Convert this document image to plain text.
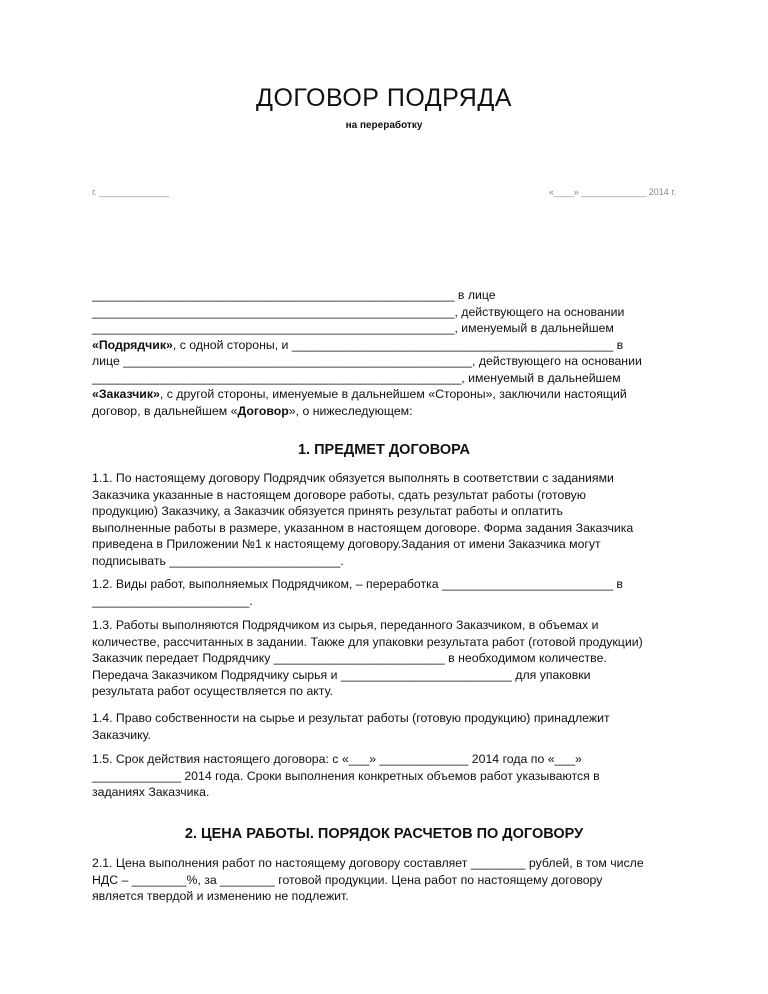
ДОГОВОР ПОДРЯДА
на переработку
г. ______________	«____» _____________ 2014 г.

_____________________________________________________ в лице

_____________________________________________________, действующего на основании

_____________________________________________________, именуемый в дальнейшем

«Подрядчик», с одной стороны, и _______________________________________________ в

лице ___________________________________________________, действующего на основании

______________________________________________________, именуемый в дальнейшем

«Заказчик», с другой стороны, именуемые в дальнейшем «Стороны», заключили настоящий

договор, в дальнейшем «Договор», о нижеследующем:

1. ПРЕДМЕТ ДОГОВОРА

1.1. По настоящему договору Подрядчик обязуется выполнять в соответствии с заданиями

Заказчика указанные в настоящем договоре работы, сдать результат работы (готовую

продукцию) Заказчику, а Заказчик обязуется принять результат работы и оплатить

выполненные работы в размере, указанном в настоящем договоре. Форма задания Заказчика

приведена в Приложении №1 к настоящему договору.Задания от имени Заказчика могут

подписывать _________________________.

1.2. Виды работ, выполняемых Подрядчиком, – переработка _________________________ в

_______________________.

1.3. Работы выполняются Подрядчиком из сырья, переданного Заказчиком, в объемах и

количестве, рассчитанных в задании. Также для упаковки результата работ (готовой продукции)

Заказчик передает Подрядчику _________________________ в необходимом количестве.

Передача Заказчиком Подрядчику сырья и _________________________ для упаковки

результата работ осуществляется по акту.

1.4. Право собственности на сырье и результат работы (готовую продукцию) принадлежит

Заказчику.

1.5. Срок действия настоящего договора: с «___» _____________ 2014 года по «___»

_____________ 2014 года. Сроки выполнения конкретных объемов работ указываются в

заданиях Заказчика.

2. ЦЕНА РАБОТЫ. ПОРЯДОК РАСЧЕТОВ ПО ДОГОВОРУ

2.1. Цена выполнения работ по настоящему договору составляет ________ рублей, в том числе

НДС – ________%, за ________ готовой продукции. Цена работ по настоящему договору

является твердой и изменению не подлежит.
